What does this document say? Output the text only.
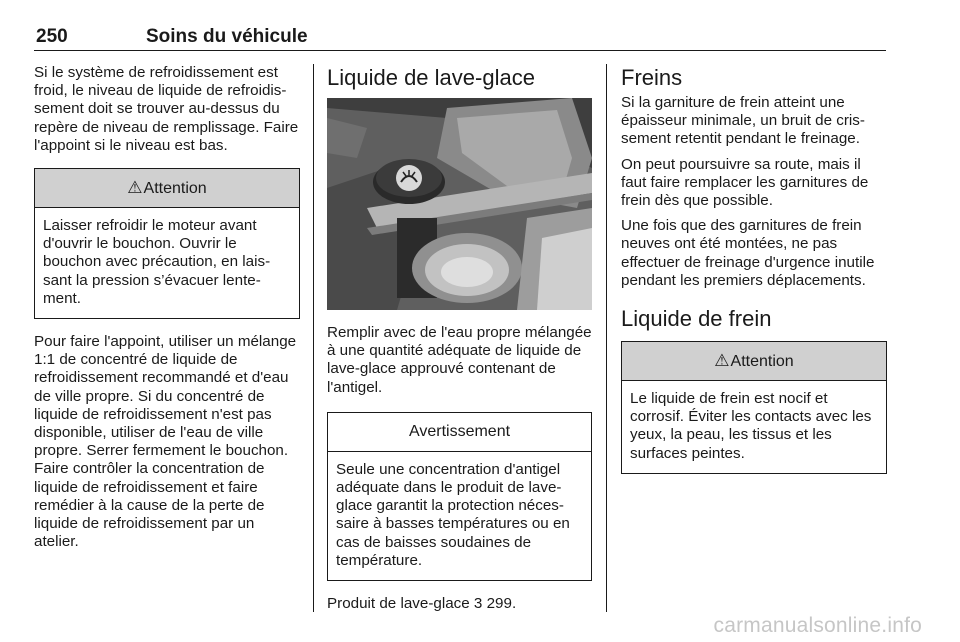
250	Soins du véhicule

Si le système de refroidissement est froid, le niveau de liquide de refroidissement doit se trouver au-dessus du repère de niveau de remplissage. Faire l'appoint si le niveau est bas.

⚠Attention

Laisser refroidir le moteur avant d'ouvrir le bouchon. Ouvrir le bouchon avec précaution, en laissant la pression s’évacuer lentement.

Pour faire l'appoint, utiliser un mélange 1:1 de concentré de liquide de refroidissement recommandé et d'eau de ville propre. Si du concentré de liquide de refroidissement n'est pas disponible, utiliser de l'eau de ville propre. Serrer fermement le bouchon. Faire contrôler la concentration de liquide de refroidissement et faire remédier à la cause de la perte de liquide de refroidissement par un atelier.

Liquide de lave-glace

Remplir avec de l'eau propre mélangée à une quantité adéquate de liquide de lave-glace approuvé contenant de l'antigel.

Avertissement

Seule une concentration d'antigel adéquate dans le produit de lave-glace garantit la protection nécessaire à basses températures ou en cas de baisses soudaines de température.

Produit de lave-glace 3 299.

Freins

Si la garniture de frein atteint une épaisseur minimale, un bruit de crissement retentit pendant le freinage.

On peut poursuivre sa route, mais il faut faire remplacer les garnitures de frein dès que possible.

Une fois que des garnitures de frein neuves ont été montées, ne pas effectuer de freinage d'urgence inutile pendant les premiers déplacements.

Liquide de frein
⚠Attention

Le liquide de frein est nocif et corrosif. Éviter les contacts avec les yeux, la peau, les tissus et les surfaces peintes.

carmanualsonline.info
